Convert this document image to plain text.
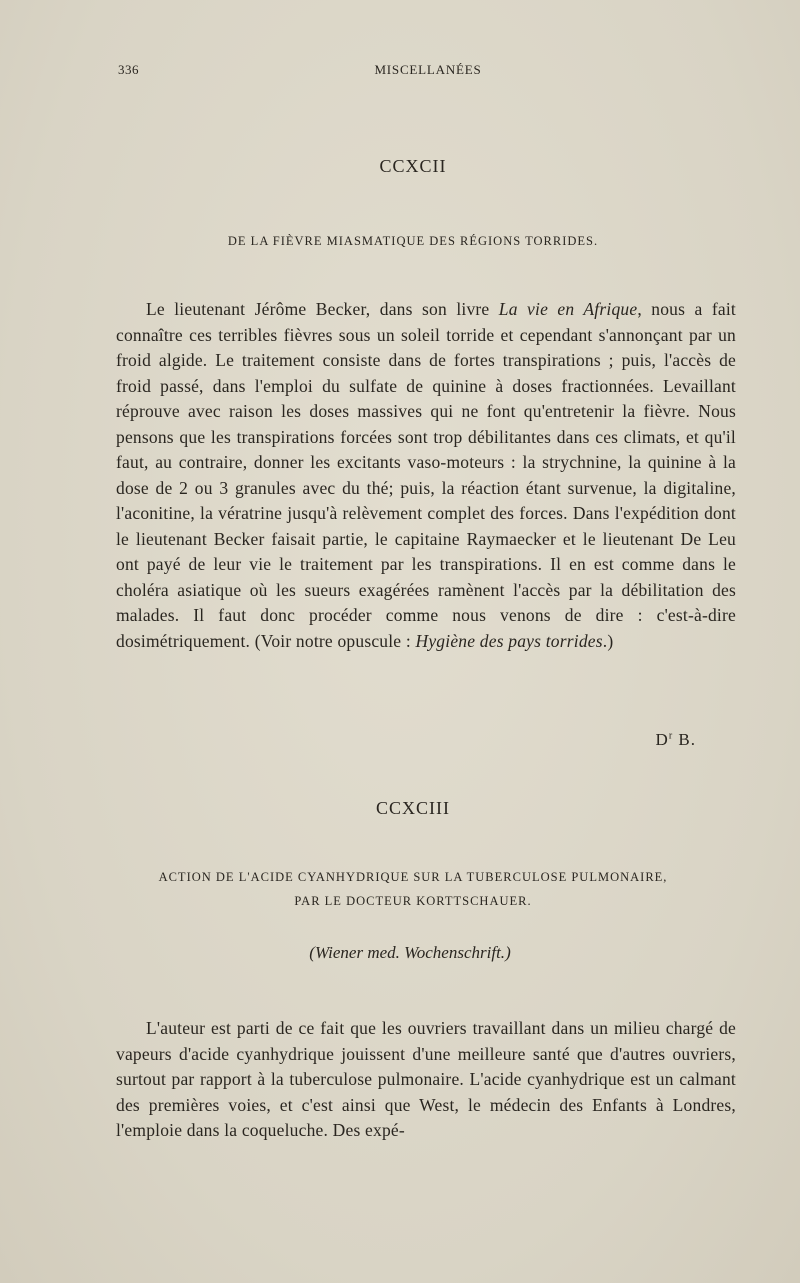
336	MISCELLANÉES
CCXCII
DE LA FIÈVRE MIASMATIQUE DES RÉGIONS TORRIDES.

Le lieutenant Jérôme Becker, dans son livre La vie en Afrique, nous a fait connaître ces terribles fièvres sous un soleil torride et cependant s'annonçant par un froid algide. Le traitement consiste dans de fortes transpirations ; puis, l'accès de froid passé, dans l'emploi du sulfate de quinine à doses fractionnées. Levaillant réprouve avec raison les doses massives qui ne font qu'entretenir la fièvre. Nous pensons que les transpirations forcées sont trop débilitantes dans ces climats, et qu'il faut, au contraire, donner les excitants vaso-moteurs : la strychnine, la quinine à la dose de 2 ou 3 granules avec du thé; puis, la réaction étant survenue, la digitaline, l'aconitine, la vératrine jusqu'à relèvement complet des forces. Dans l'expédition dont le lieutenant Becker faisait partie, le capitaine Raymaecker et le lieutenant De Leu ont payé de leur vie le traitement par les transpirations. Il en est comme dans le choléra asiatique où les sueurs exagérées ramènent l'accès par la débilitation des malades. Il faut donc procéder comme nous venons de dire : c'est-à-dire dosimétriquement. (Voir notre opuscule : Hygiène des pays torrides.)

$D^r$ B.
CCXCIII
ACTION DE L'ACIDE CYANHYDRIQUE SUR LA TUBERCULOSE PULMONAIRE,
PAR LE DOCTEUR KORTTSCHAUER.
(Wiener med. Wochenschrift.)

L'auteur est parti de ce fait que les ouvriers travaillant dans un milieu chargé de vapeurs d'acide cyanhydrique jouissent d'une meilleure santé que d'autres ouvriers, surtout par rapport à la tuberculose pulmonaire. L'acide cyanhydrique est un calmant des premières voies, et c'est ainsi que West, le médecin des Enfants à Londres, l'emploie dans la coqueluche. Des expé-
